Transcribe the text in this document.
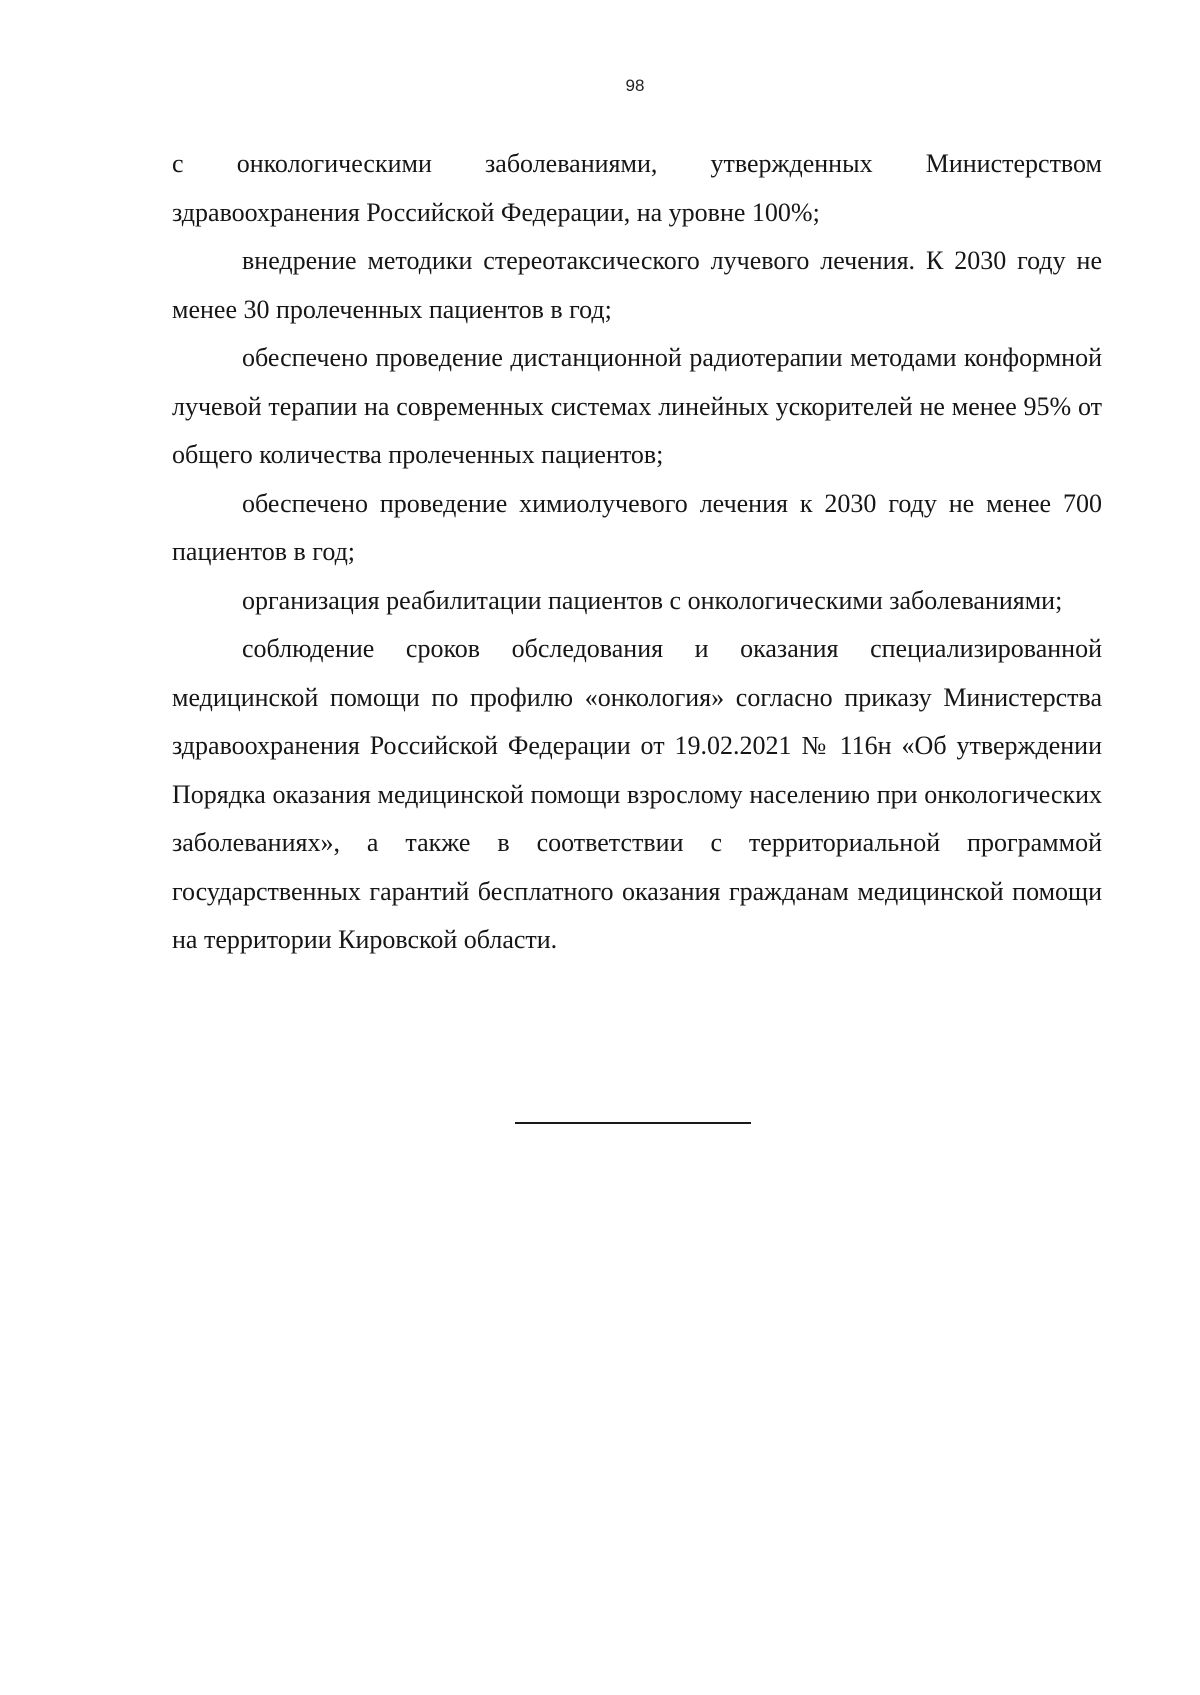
98

с онкологическими заболеваниями, утвержденных Министерством здравоохранения Российской Федерации, на уровне 100%;

внедрение методики стереотаксического лучевого лечения. К 2030 году не менее 30 пролеченных пациентов в год;

обеспечено проведение дистанционной радиотерапии методами конформной лучевой терапии на современных системах линейных ускорителей не менее 95% от общего количества пролеченных пациентов;

обеспечено проведение химиолучевого лечения к 2030 году не менее 700 пациентов в год;

организация реабилитации пациентов с онкологическими заболеваниями;

соблюдение сроков обследования и оказания специализированной медицинской помощи по профилю «онкология» согласно приказу Министерства здравоохранения Российской Федерации от 19.02.2021 № 116н «Об утверждении Порядка оказания медицинской помощи взрослому населению при онкологических заболеваниях», а также в соответствии с территориальной программой государственных гарантий бесплатного оказания гражданам медицинской помощи на территории Кировской области.
